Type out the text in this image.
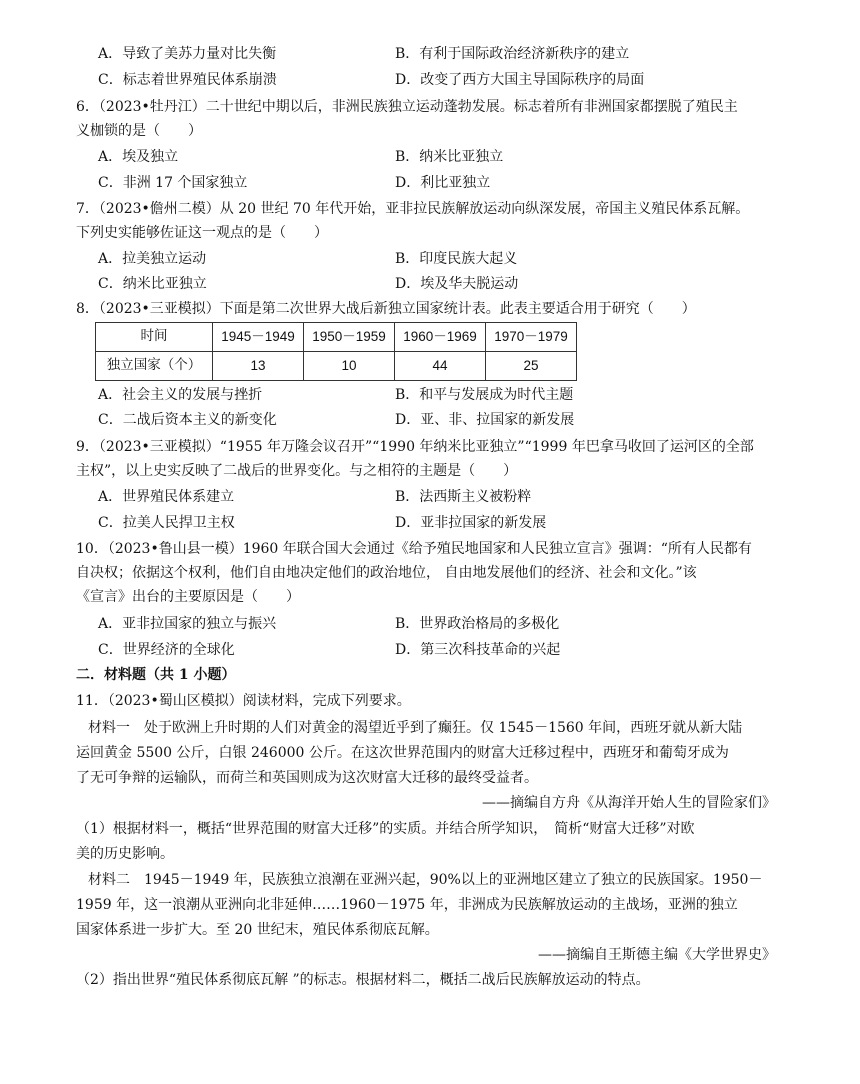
A．导致了美苏力量对比失衡	B．有利于国际政治经济新秩序的建立
C．标志着世界殖民体系崩溃	D．改变了西方大国主导国际秩序的局面
6．（2023•牡丹江）二十世纪中期以后，非洲民族独立运动蓬勃发展。标志着所有非洲国家都摆脱了殖民主
义枷锁的是（　　）
A．埃及独立	B．纳米比亚独立
C．非洲 17 个国家独立	D．利比亚独立
7．（2023•儋州二模）从 20 世纪 70 年代开始，亚非拉民族解放运动向纵深发展，帝国主义殖民体系瓦解。
下列史实能够佐证这一观点的是（　　）
A．拉美独立运动	B．印度民族大起义
C．纳米比亚独立	D．埃及华夫脱运动
8．（2023•三亚模拟）下面是第二次世界大战后新独立国家统计表。此表主要适合用于研究（　　）
时间	1945－1949	1950－1959	1960－1969	1970－1979
独立国家（个）	13	10	44	25
A．社会主义的发展与挫折	B．和平与发展成为时代主题
C．二战后资本主义的新变化	D．亚、非、拉国家的新发展
9．（2023•三亚模拟）“1955 年万隆会议召开”“1990 年纳米比亚独立”“1999 年巴拿马收回了运河区的全部
主权”，以上史实反映了二战后的世界变化。与之相符的主题是（　　）
A．世界殖民体系建立	B．法西斯主义被粉粹
C．拉美人民捍卫主权	D．亚非拉国家的新发展
10．（2023•鲁山县一模）1960 年联合国大会通过《给予殖民地国家和人民独立宣言》强调：“所有人民都有
自决权；依据这个权利，他们自由地决定他们的政治地位， 自由地发展他们的经济、社会和文化。”该
《宣言》出台的主要原因是（　　）
A．亚非拉国家的独立与振兴	B．世界政治格局的多极化
C．世界经济的全球化	D．第三次科技革命的兴起
二．材料题（共 1 小题）
11．（2023•蜀山区模拟）阅读材料，完成下列要求。
材料一　处于欧洲上升时期的人们对黄金的渴望近乎到了癫狂。仅 1545－1560 年间，西班牙就从新大陆
运回黄金 5500 公斤，白银 246000 公斤。在这次世界范围内的财富大迁移过程中，西班牙和葡萄牙成为
了无可争辩的运输队，而荷兰和英国则成为这次财富大迁移的最终受益者。
——摘编自方舟《从海洋开始人生的冒险家们》
（1）根据材料一，概括“世界范围的财富大迁移”的实质。并结合所学知识，　简析“财富大迁移”对欧
美的历史影响。
材料二　1945－1949 年，民族独立浪潮在亚洲兴起，90%以上的亚洲地区建立了独立的民族国家。1950－
1959 年，这一浪潮从亚洲向北非延伸……1960－1975 年，非洲成为民族解放运动的主战场，亚洲的独立
国家体系进一步扩大。至 20 世纪末，殖民体系彻底瓦解。
——摘编自王斯德主编《大学世界史》
（2）指出世界“殖民体系彻底瓦解 ”的标志。根据材料二，概括二战后民族解放运动的特点。
